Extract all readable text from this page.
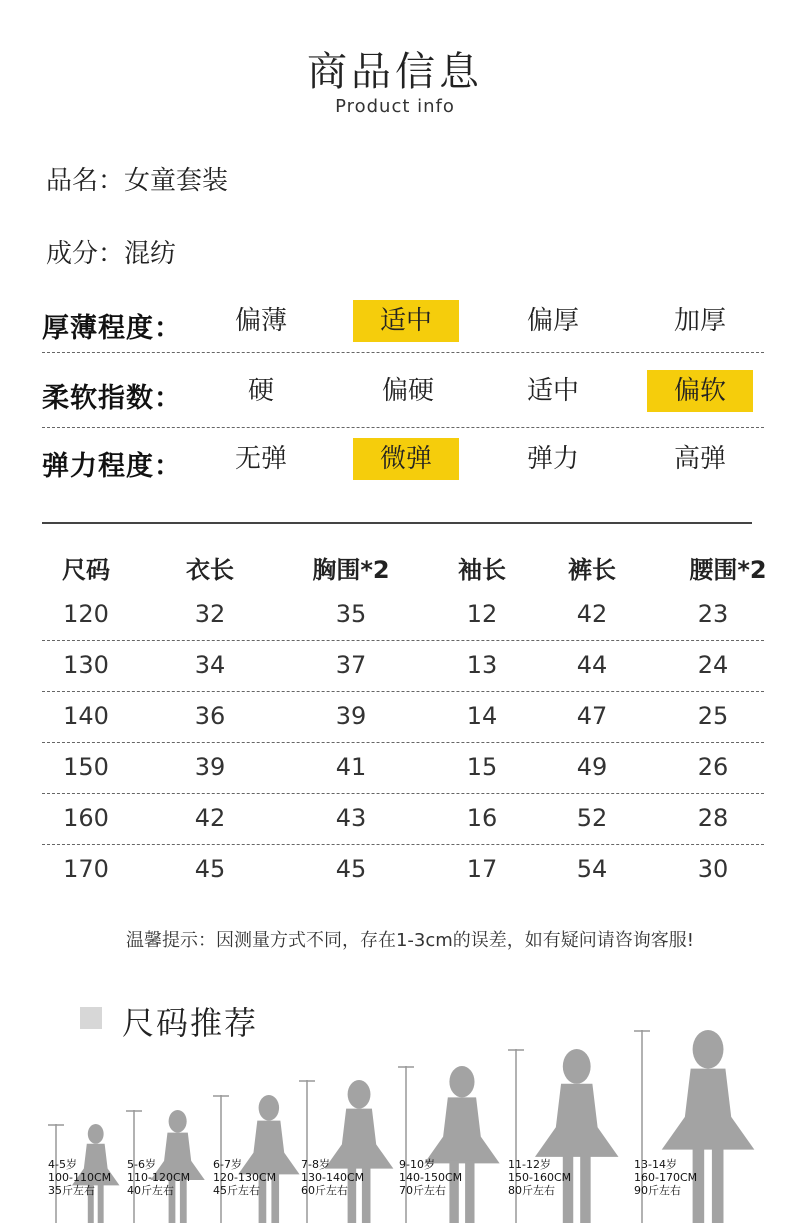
商品信息
Product info
品名：女童套装
成分：混纺
厚薄程度：	偏薄	适中	偏厚	加厚
柔软指数：	硬	偏硬	适中	偏软
弹力程度：	无弹	微弹	弹力	高弹
尺码	衣长	胸围*2	袖长	裤长	腰围*2
120	32	35	12	42	23
130	34	37	13	44	24
140	36	39	14	47	25
150	39	41	15	49	26
160	42	43	16	52	28
170	45	45	17	54	30
温馨提示：因测量方式不同，存在1-3cm的误差，如有疑问请咨询客服!
尺码推荐
4-5岁
100-110CM
35斤左右
5-6岁
110-120CM
40斤左右
6-7岁
120-130CM
45斤左右
7-8岁
130-140CM
60斤左右
9-10岁
140-150CM
70斤左右
11-12岁
150-160CM
80斤左右
13-14岁
160-170CM
90斤左右
